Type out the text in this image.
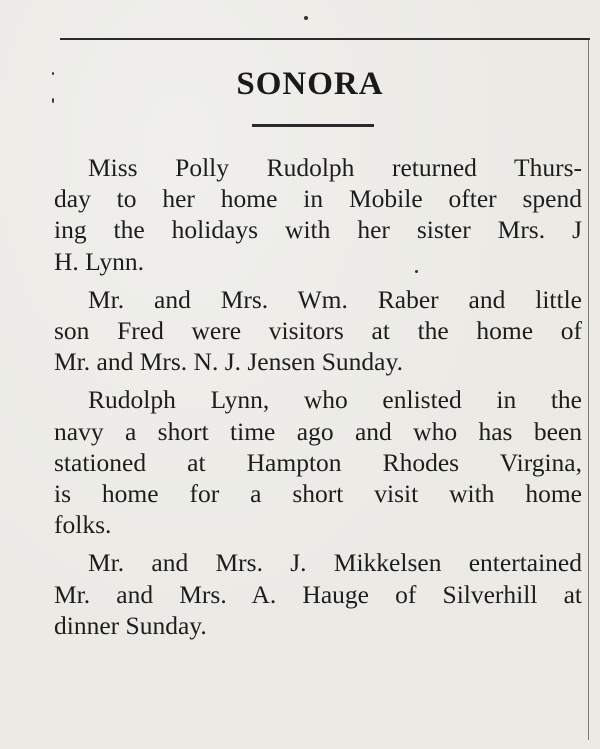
SONORA
Miss Polly Rudolph returned Thurs-
day to her home in Mobile ofter spend
ing the holidays with her sister Mrs. J
H. Lynn.
Mr. and Mrs. Wm. Raber and little
son Fred were visitors at the home of
Mr. and Mrs. N. J. Jensen Sunday.
Rudolph Lynn, who enlisted in the
navy a short time ago and who has been
stationed at Hampton Rhodes Virgina,
is home for a short visit with home
folks.
Mr. and Mrs. J. Mikkelsen entertained
Mr. and Mrs. A. Hauge of Silverhill at
dinner Sunday.
